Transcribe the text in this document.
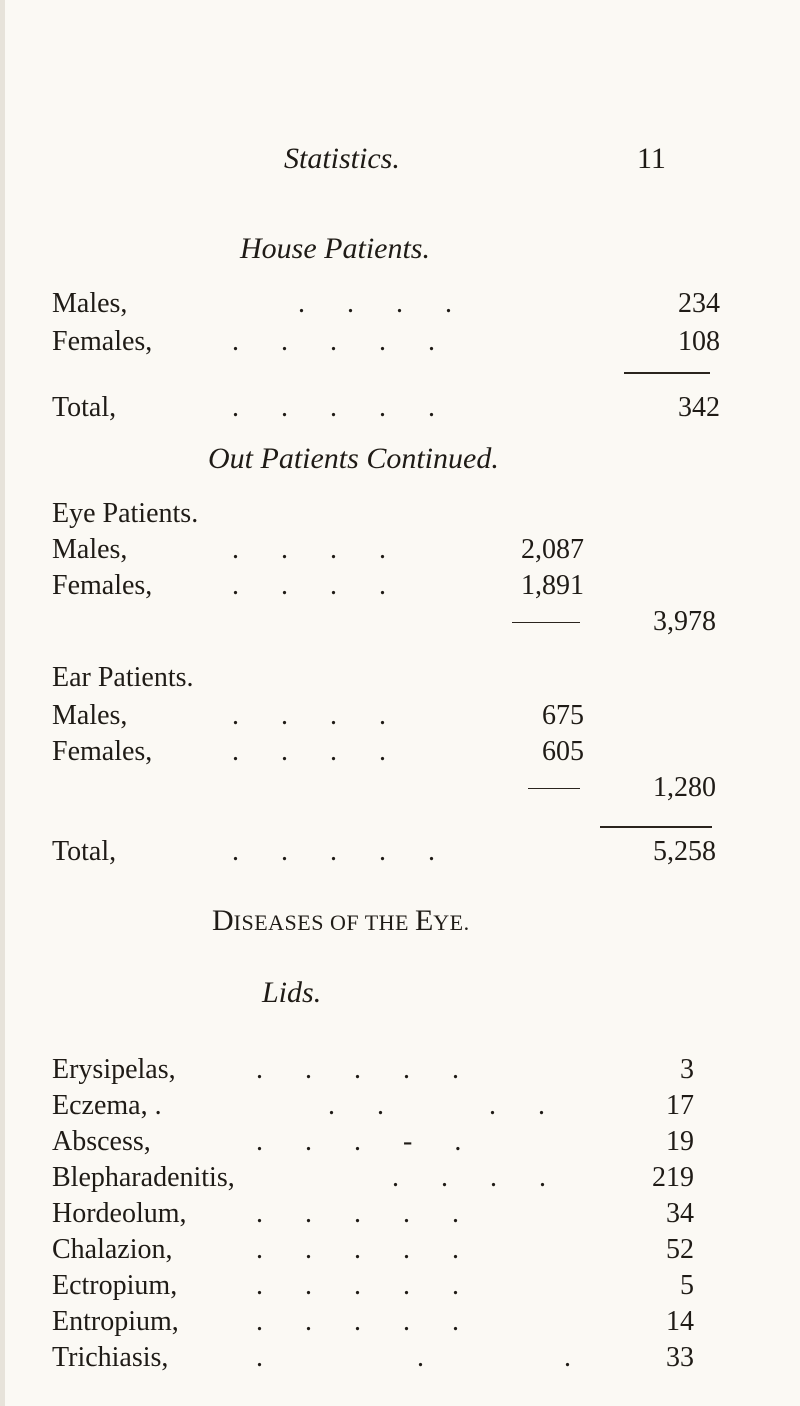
Statistics.	11
House Patients.
Males,	.      .      .      .	234
Females,	.      .      .      .      .	108
Total,	.      .      .      .      .	342
Out Patients Continued.
Eye Patients.
Males,	.      .      .      .	2,087
Females,	.      .      .      .	1,891
3,978
Ear Patients.
Males,	.      .      .      .	675
Females,	.      .      .      .	605
1,280
Total,	.      .      .      .      .	5,258
DISEASES OF THE EYE.
Lids.
Erysipelas,	.      .      .      .      .	3
Eczema, .	.      .               .      .	17
Abscess,	.      .      .      -      .	19
Blepharadenitis,	.      .      .      .	219
Hordeolum, .      .      .      .      .	34
Chalazion,	.      .      .      .      .	52
Ectropium,	.      .      .      .      .	5
Entropium,	.      .      .      .      .	14
Trichiasis,	.                      .                    .	33
